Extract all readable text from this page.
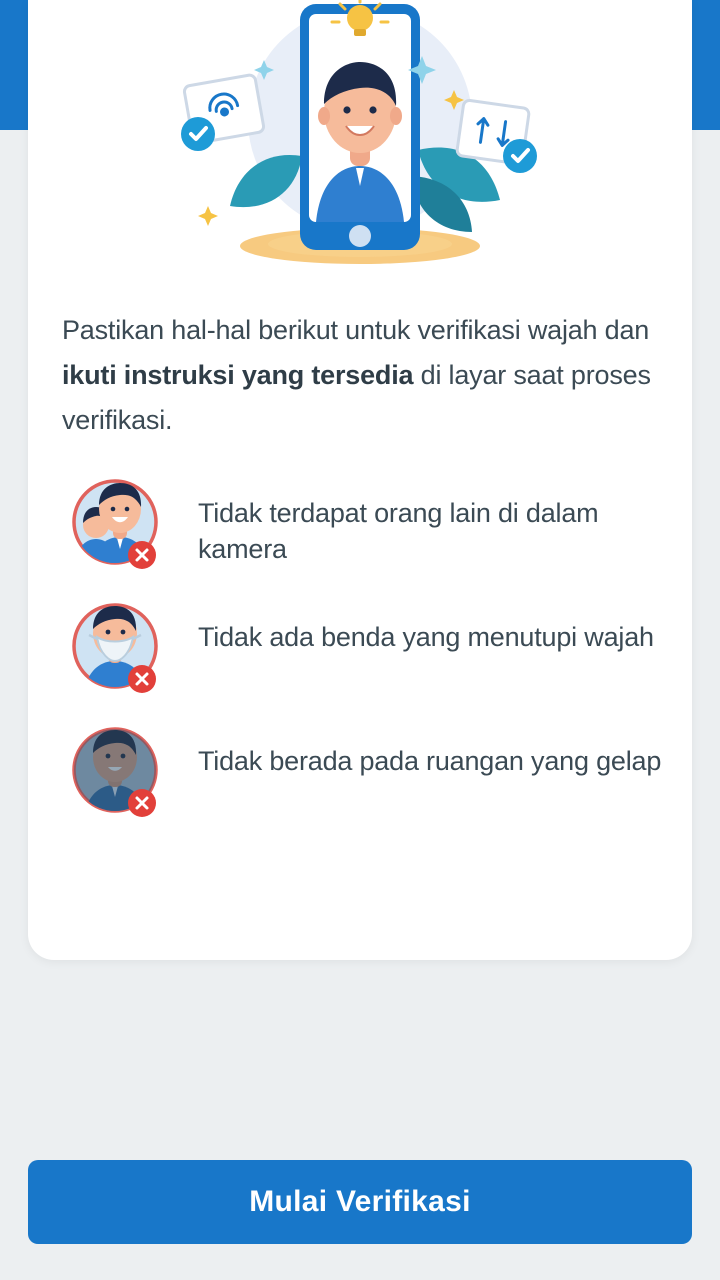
Pastikan hal-hal berikut untuk verifikasi wajah dan ikuti instruksi yang tersedia di layar saat proses verifikasi.

Tidak terdapat orang lain di dalam kamera
Tidak ada benda yang menutupi wajah
Tidak berada pada ruangan yang gelap
Mulai Verifikasi
